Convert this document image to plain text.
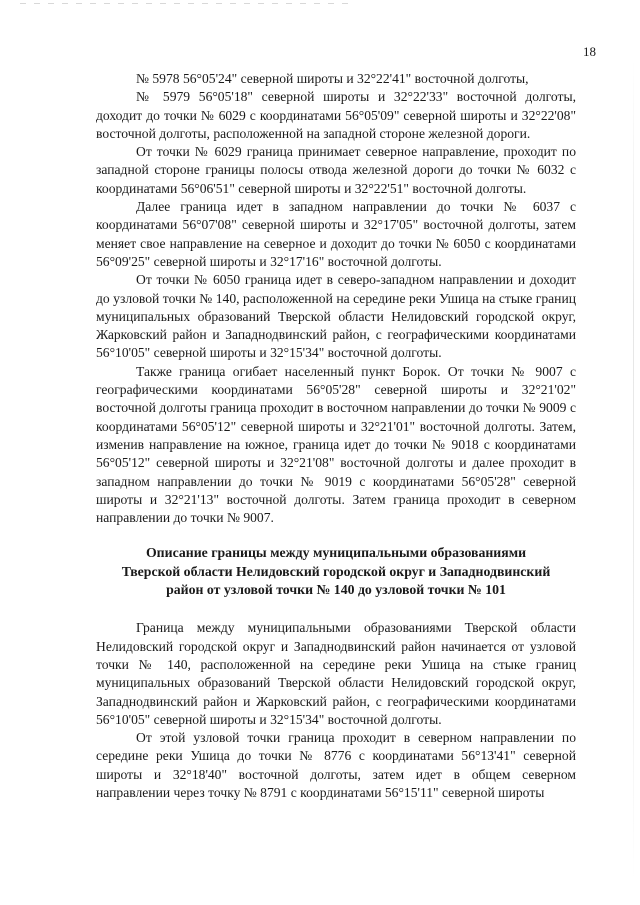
18

№ 5978 56°05'24" северной широты и 32°22'41" восточной долготы,

№ 5979 56°05'18" северной широты и 32°22'33" восточной долготы, доходит до точки № 6029 с координатами 56°05'09" северной широты и 32°22'08" восточной долготы, расположенной на западной стороне железной дороги.

От точки № 6029 граница принимает северное направление, проходит по западной стороне границы полосы отвода железной дороги до точки № 6032 с координатами 56°06'51" северной широты и 32°22'51" восточной долготы.

Далее граница идет в западном направлении до точки № 6037 с координатами 56°07'08" северной широты и 32°17'05" восточной долготы, затем меняет свое направление на северное и доходит до точки № 6050 с координатами 56°09'25" северной широты и 32°17'16" восточной долготы.

От точки № 6050 граница идет в северо-западном направлении и доходит до узловой точки № 140, расположенной на середине реки Ушица на стыке границ муниципальных образований Тверской области Нелидовский городской округ, Жарковский район и Западнодвинский район, с географическими координатами 56°10'05" северной широты и 32°15'34" восточной долготы.

Также граница огибает населенный пункт Борок. От точки № 9007 с географическими координатами 56°05'28" северной широты и 32°21'02" восточной долготы граница проходит в восточном направлении до точки № 9009 с координатами 56°05'12" северной широты и 32°21'01" восточной долготы. Затем, изменив направление на южное, граница идет до точки № 9018 с координатами 56°05'12" северной широты и 32°21'08" восточной долготы и далее проходит в западном направлении до точки № 9019 с координатами 56°05'28" северной широты и 32°21'13" восточной долготы. Затем граница проходит в северном направлении до точки № 9007.

Описание границы между муниципальными образованиями
Тверской области Нелидовский городской округ и Западнодвинский
район от узловой точки № 140 до узловой точки № 101

Граница между муниципальными образованиями Тверской области Нелидовский городской округ и Западнодвинский район начинается от узловой точки № 140, расположенной на середине реки Ушица на стыке границ муниципальных образований Тверской области Нелидовский городской округ, Западнодвинский район и Жарковский район, с географическими координатами 56°10'05" северной широты и 32°15'34" восточной долготы.

От этой узловой точки граница проходит в северном направлении по середине реки Ушица до точки № 8776 с координатами 56°13'41" северной широты и 32°18'40" восточной долготы, затем идет в общем северном направлении через точку № 8791 с координатами 56°15'11" северной широты
